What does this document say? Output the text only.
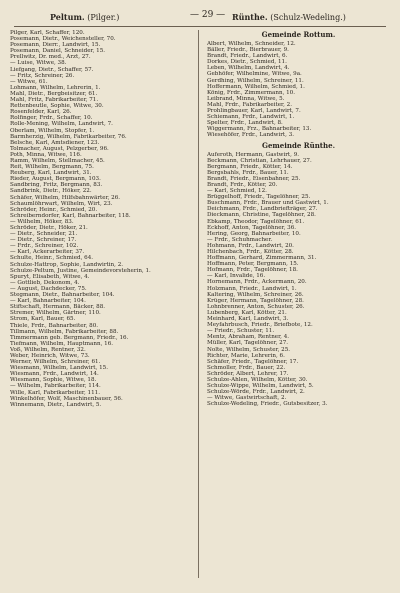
Peltum. (Pilger.)	— 29 — Rünthe. (Schulz-Wedeling.)
Pilger, Karl, Schaffer, 120.
Posemann, Dietr., Weichensteller, 70.
Posemann, Dierr., Landwirt, 15.
Posemann, Daniel, Schneider, 15.
Prellwitz, Dr. med., Arzt, 27.
— Luise, Witwe, 38.
Liefgang, Dietr., Schaffer, 57.
— Fritz, Schreiner, 26.
— Witwe, 61.
Lohmann, Wilhelm, Lehrerin, 1.
Mahl, Dietr., Bergbeisitzer, 61.
Mahl, Fritz, Fabrikarbeiter, 71.
Rettenbeutle, Sophie, Witwe, 30.
Rosenfelder, Karl, 26.
Rolfinger, Frdr., Schaffer, 10.
Rolle-Mening, Wilhelm, Landwirt, 7.
Oberlam, Wilhelm, Stopfer, 1.
Barmherzig, Wilhelm, Fabrikarbeiter, 76.
Belsche, Karl, Amtsdiener, 123.
Tolmacher, August, Pelzgerber, 96.
Poth, Minna, Witwe, 116.
Ramm, Wilhelm, Stellmacher, 45.
Reit, Wilhelm, Bergmann, 75.
Reuberg, Karl, Landwirt, 31.
Rieder, August, Bergmann, 103.
Sandbring, Fritz, Bergmann, 83.
Sandbrink, Dietr., Höker, 22.
Schäfer, Wilhelm, Hilfsbahnwärter, 26.
Schaumlöhrwart, Wilhelm, Wirt, 23.
Schröder, Heinr., Schmied, 20.
Schreiberndorfer, Karl, Bahnarbeiter, 118.
— Wilhelm, Höker, 83.
Schröder, Dietr., Höker, 21.
— Dietr., Schneider, 21.
— Dietr., Schreiner, 17.
— Frdr., Schreiner, 102.
— Karl, Ackerarbeiter, 37.
Schulte, Heinr., Schmied, 64.
Schulze-Hattrop, Sophie, Landwirtin, 2.
Schulze-Peltum, Justine, Gemeindevorsteherin, 1.
Spuryt, Elisabeth, Witwe, 4.
— Gottlieb, Dekonom, 4.
— August, Dachdecker, 75.
Stegmann, Dietr., Bahnarbeiter, 104.
— Karl, Bahnarbeiter, 104.
Stiftschaft, Hermann, Bäcker, 88.
Stremer, Wilhelm, Gärtner, 110.
Strom, Karl, Bauer, 65.
Thiele, Frdr., Bahnarbeiter, 80.
Tillmann, Wilhelm, Fabrikarbeiter, 88.
Timmermann geb. Bergmann, Friedr., 16.
Tiefmann, Wilhelm, Hauptmann, 16.
Voß, Wilhelm, Rentner, 32.
Weber, Heinrich, Witwe, 73.
Werner, Wilhelm, Schreiner, 61.
Wiesmann, Wilhelm, Landwirt, 15.
Wiesmann, Frdr., Landwirt, 14.
Wiesmann, Sophie, Witwe, 18.
— Wilhelm, Fabrikarbeiter, 114.
Wille, Karl, Fabrikarbeiter, 111.
Winkelhöfer, Wolf, Maschinenbauer, 56.
Winnemann, Dietr., Landwirt, 5.
Gemeinde Rottum.
Albert, Wilhelm, Schneider, 12.
Bäller, Friedr., Bierbrauer, 9.
Brandt, Friedr., Landwirt, 6.
Dorkes, Dietr., Schmied, 11.
Leben, Wilhelm, Landwirt, 4.
Gebhöfer, Wilhelmine, Witwe, 9a.
Gerdhing, Wilhelm, Schreiner, 11.
Hoffermann, Wilhelm, Schmied, 1.
König, Frdr., Zimmermann, 10.
Leibrand, Minna, Witwe, 5.
Mahl, Frdr., Fabrikarbeiter, 2.
Prohlingbauer, Karl, Landwirt, 7.
Schiemann, Frdr., Landwirt, 1.
Spelter, Frdr., Landwirt, 8.
Wiggermann, Frz., Bahnarbeiter, 13.
Wiesehöfer, Frdr., Landwirt, 3.
Gemeinde Rünthe.
Auferoth, Hermann, Gastwirt, 9.
Beckmann, Christian, Lehrhauer, 27.
Bergmann, Friedr., Kötter, 14.
Bergsbahls, Frdr., Bauer, 11.
Brandt, Friedr., Eisenbahner, 25.
Brandt, Frdr., Kötter, 20.
— Karl, Schmied, 12.
Brüggelhoff, Friedr., Tagelöhner, 25.
Buschmann, Frdr., Brauer und Gastwirt, 1.
Deichmann, Frdr., Landbriefträger, 27.
Dieckmann, Christine, Tagelöhner, 28.
Ebkamp, Theodor, Tagelöhner, 61.
Eckhoff, Anton, Tagelöhner, 36.
Hering, Georg, Bahnarbeiter, 10.
— Frdr., Schuhmacher.
Hohmann, Frdr., Landwirt, 20.
Hilchenbach, Frdr., Kötter, 28.
Hoffmann, Gerhard, Zimmermann, 31.
Hoffmann, Peter, Bergmann, 15.
Hofmann, Frdr., Tagelöhner, 18.
— Karl, Invalide, 16.
Hornemann, Frdr., Ackermann, 20.
Holzmann, Friedr., Landwirt, 1.
Kaltering, Wilhelm, Schreiner, 26.
Krüger, Hermann, Tagelöhner, 28.
Lohnbrenner, Anton, Schuster, 26.
Lubenberg, Karl, Kötter, 21.
Meinhard, Karl, Landwirt, 3.
Meyfahrbusch, Friedr., Briefbote, 12.
— Friedr., Schuster, 11.
Mentz, Abraham, Rentner, 4.
Müller, Karl, Tagelöhner, 27.
Nolte, Wilhelm, Schuster, 25.
Richter, Marie, Lehrerin, 6.
Schäfer, Friedr., Tagelöhner, 17.
Schmoller, Frdr., Bauer, 22.
Schröder, Albert, Lehrer, 17.
Schulze-Ahlen, Wilhelm, Kötter, 30.
Schulze-Wippe, Wilhelm, Landwirt, 5.
Schulze-Wörde, Frdr., Landwirt, 2.
— Witwe, Gastwirtschaft, 2.
Schulze-Wedeling, Friedr., Gutsbesitzer, 3.
